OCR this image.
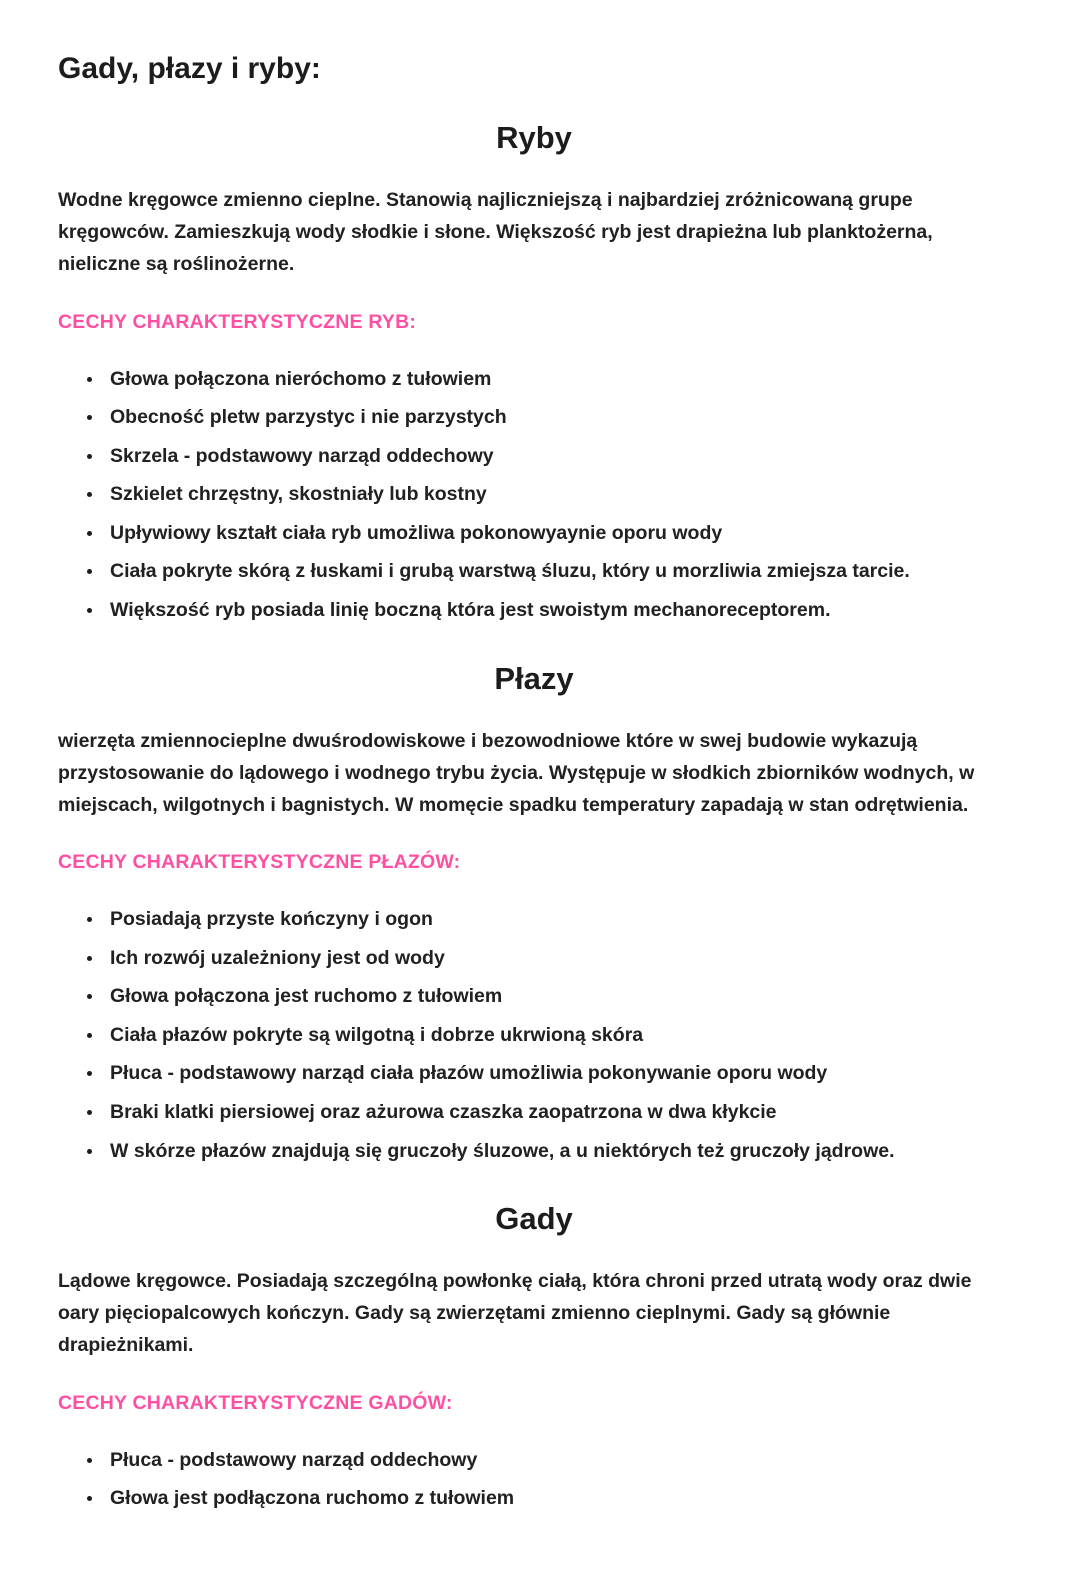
Gady, płazy i ryby:
Ryby

Wodne kręgowce zmienno cieplne. Stanowią najliczniejszą i najbardziej zróżnicowaną grupe kręgowców. Zamieszkują wody słodkie i słone. Większość ryb jest drapieżna lub planktożerna, nieliczne są roślinożerne.

CECHY CHARAKTERYSTYCZNE RYB:
• Głowa połączona nieróchomo z tułowiem
• Obecność pletw parzystyc i nie parzystych
• Skrzela - podstawowy narząd oddechowy
• Szkielet chrzęstny, skostniały lub kostny
• Upływiowy kształt ciała ryb umożliwa pokonowyaynie oporu wody
• Ciała pokryte skórą z łuskami i grubą warstwą śluzu, który u morzliwia zmiejsza tarcie.
• Większość ryb posiada linię boczną która jest swoistym mechanoreceptorem.
Płazy

wierzęta zmiennocieplne dwuśrodowiskowe i bezowodniowe które w swej budowie wykazują przystosowanie do lądowego i wodnego trybu życia. Występuje w słodkich zbiorników wodnych, w miejscach, wilgotnych i bagnistych. W momęcie spadku temperatury zapadają w stan odrętwienia.

CECHY CHARAKTERYSTYCZNE PŁAZÓW:
• Posiadają przyste kończyny i ogon
• Ich rozwój uzależniony jest od wody
• Głowa połączona jest ruchomo z tułowiem
• Ciała płazów pokryte są wilgotną i dobrze ukrwioną skóra
• Płuca - podstawowy narząd ciała płazów umożliwia pokonywanie oporu wody
• Braki klatki piersiowej oraz ażurowa czaszka zaopatrzona w dwa kłykcie
• W skórze płazów znajdują się gruczoły śluzowe, a u niektórych też gruczoły jądrowe.
Gady

Lądowe kręgowce. Posiadają szczególną powłonkę ciałą, która chroni przed utratą wody oraz dwie oary pięciopalcowych kończyn. Gady są zwierzętami zmienno cieplnymi. Gady są głównie drapieżnikami.

CECHY CHARAKTERYSTYCZNE GADÓW:
• Płuca - podstawowy narząd oddechowy
• Głowa jest podłączona ruchomo z tułowiem
